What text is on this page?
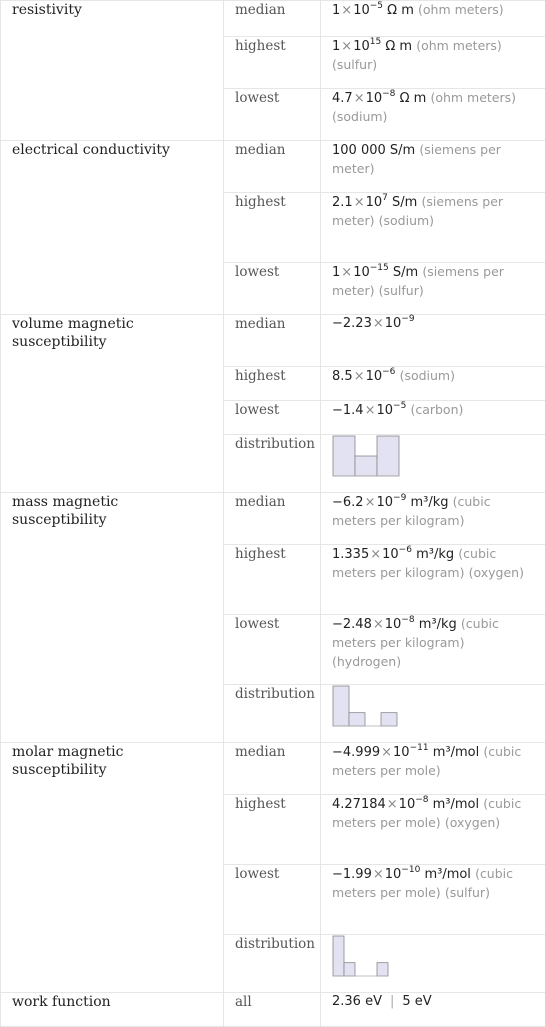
resistivity	median	$1\times 10^{-5}$ Ω m (ohm meters)
	highest	$1\times 10^{15}$ Ω m (ohm meters) (sulfur)
	lowest	$4.7\times 10^{-8}$ Ω m (ohm meters) (sodium)
electrical conductivity	median	100 000 S/m (siemens per meter)
	highest	$2.1\times 10^7$ S/m (siemens per meter) (sodium)
	lowest	$1\times 10^{-15}$ S/m (siemens per meter) (sulfur)
volume magnetic susceptibility	median	$-2.23\times 10^{-9}$
	highest	$8.5\times 10^{-6}$ (sodium)
	lowest	$-1.4\times 10^{-5}$ (carbon)
	distribution	

mass magnetic susceptibility	median	$-6.2\times 10^{-9}$ m³/kg (cubic meters per kilogram)
	highest	$1.335\times 10^{-6}$ m³/kg (cubic meters per kilogram) (oxygen)
	lowest	$-2.48\times 10^{-8}$ m³/kg (cubic meters per kilogram) (hydrogen)
	distribution	

molar magnetic susceptibility	median	$-4.999\times 10^{-11}$ m³/mol (cubic meters per mole)
	highest	$4.27184\times 10^{-8}$ m³/mol (cubic meters per mole) (oxygen)
	lowest	$-1.99\times 10^{-10}$ m³/mol (cubic meters per mole) (sulfur)
	distribution	

work function	all	2.36 eV | 5 eV
